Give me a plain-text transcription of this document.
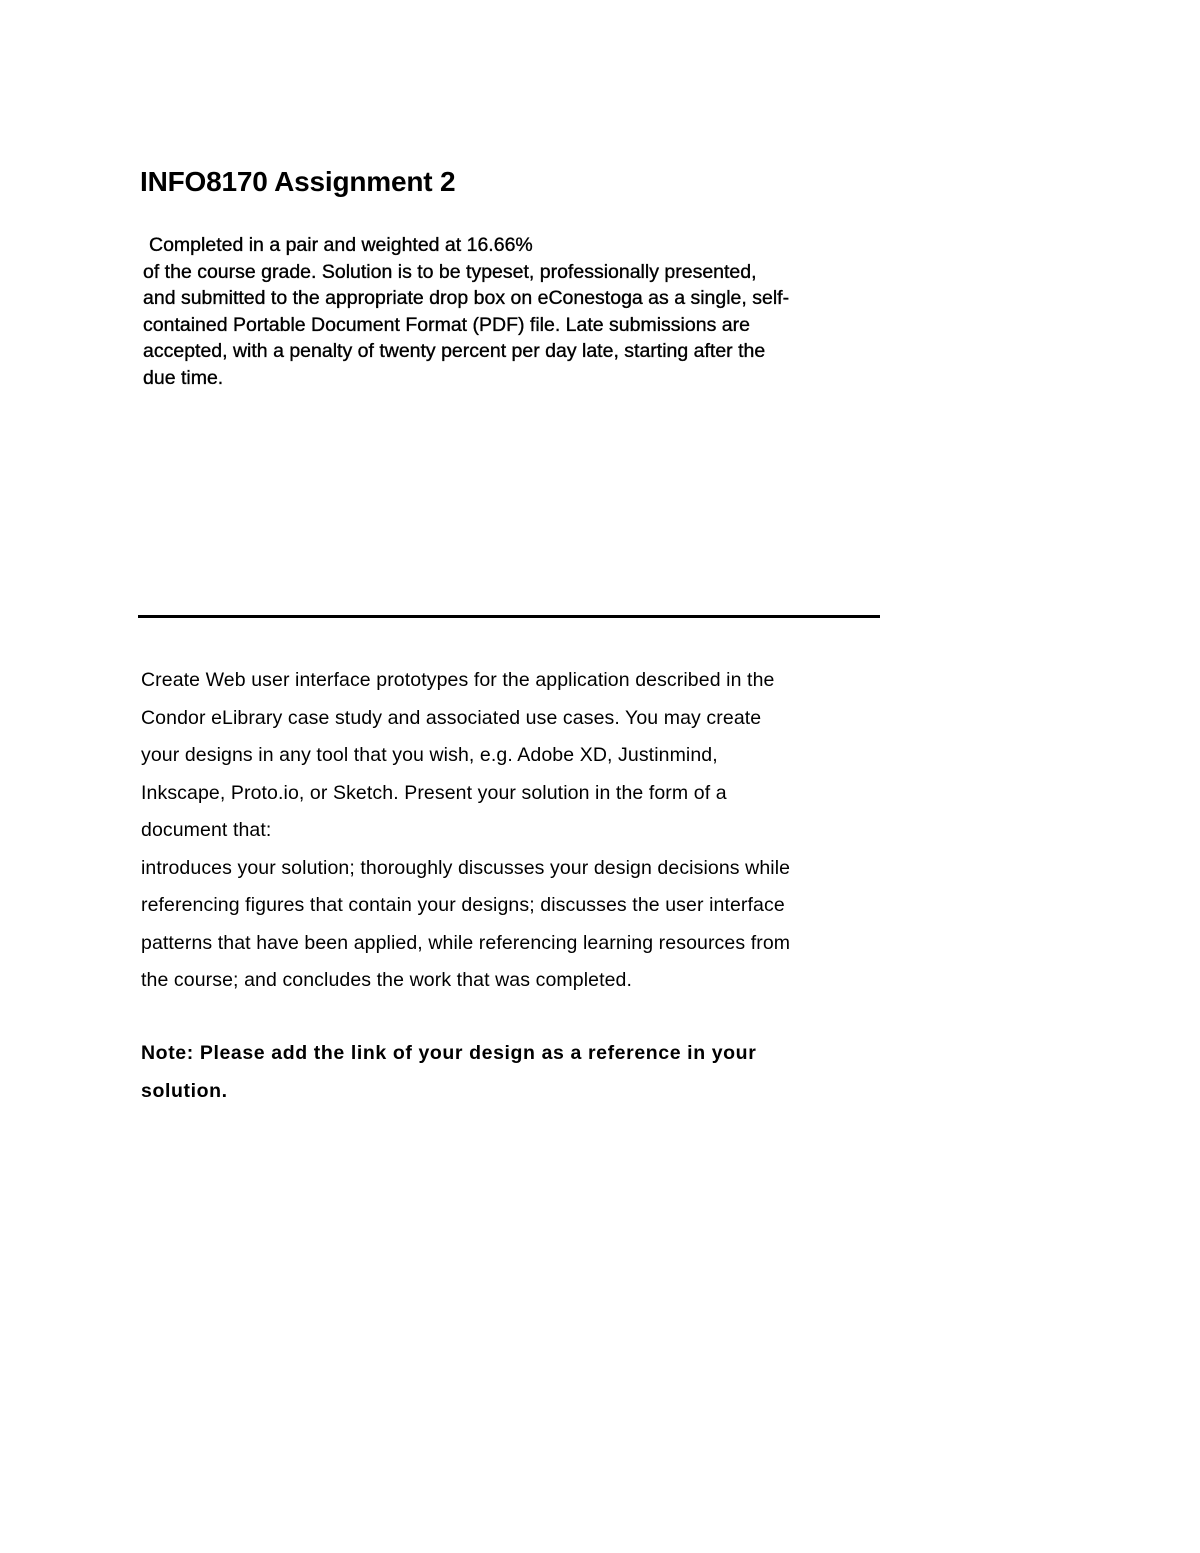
INFO8170 Assignment 2
Completed in a pair and weighted at 16.66%
of the course grade. Solution is to be typeset, professionally presented,
and submitted to the appropriate drop box on eConestoga as a single, self-
contained Portable Document Format (PDF) file. Late submissions are
accepted, with a penalty of twenty percent per day late, starting after the
due time.
Create Web user interface prototypes for the application described in the
Condor eLibrary case study and associated use cases. You may create
your designs in any tool that you wish, e.g. Adobe XD, Justinmind,
Inkscape, Proto.io, or Sketch. Present your solution in the form of a
document that:
introduces your solution; thoroughly discusses your design decisions while
referencing figures that contain your designs; discusses the user interface
patterns that have been applied, while referencing learning resources from
the course; and concludes the work that was completed.
Note: Please add the link of your design as a reference in your
solution.
